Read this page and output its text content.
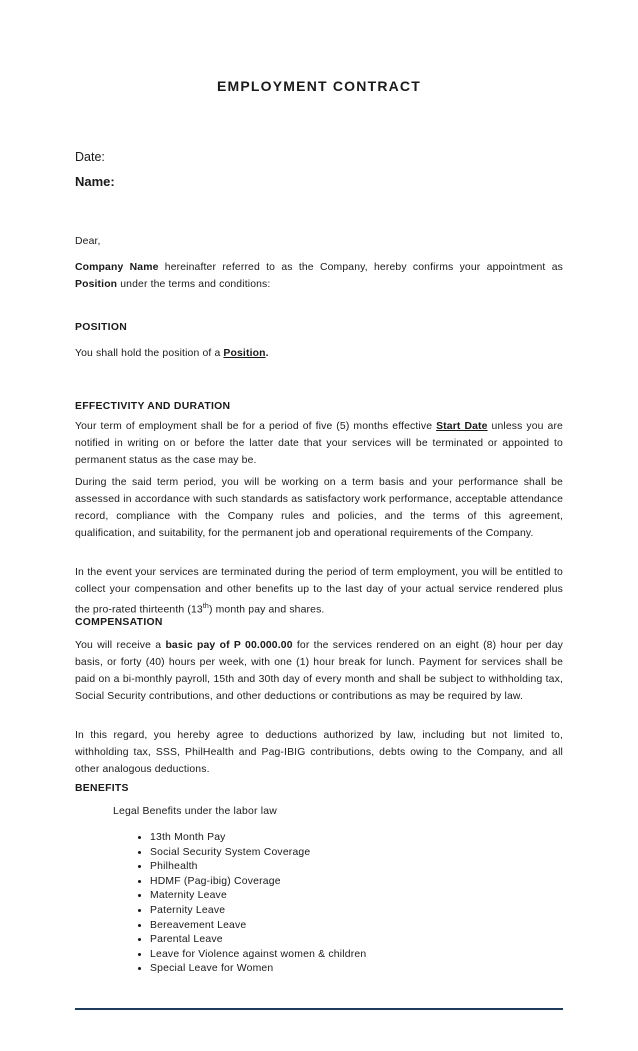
EMPLOYMENT CONTRACT
Date:
Name:
Dear,
Company Name hereinafter referred to as the Company, hereby confirms your appointment as Position under the terms and conditions:
POSITION
You shall hold the position of a Position.
EFFECTIVITY AND DURATION
Your term of employment shall be for a period of five (5) months effective Start Date unless you are notified in writing on or before the latter date that your services will be terminated or appointed to permanent status as the case may be.
During the said term period, you will be working on a term basis and your performance shall be assessed in accordance with such standards as satisfactory work performance, acceptable attendance record, compliance with the Company rules and policies, and the terms of this agreement, qualification, and suitability, for the permanent job and operational requirements of the Company.
In the event your services are terminated during the period of term employment, you will be entitled to collect your compensation and other benefits up to the last day of your actual service rendered plus the pro-rated thirteenth (13th) month pay and shares.
COMPENSATION
You will receive a basic pay of P 00.000.00 for the services rendered on an eight (8) hour per day basis, or forty (40) hours per week, with one (1) hour break for lunch. Payment for services shall be paid on a bi-monthly payroll, 15th and 30th day of every month and shall be subject to withholding tax, Social Security contributions, and other deductions or contributions as may be required by law.
In this regard, you hereby agree to deductions authorized by law, including but not limited to, withholding tax, SSS, PhilHealth and Pag-IBIG contributions, debts owing to the Company, and all other analogous deductions.
BENEFITS
Legal Benefits under the labor law
• 13th Month Pay
• Social Security System Coverage
• Philhealth
• HDMF (Pag-ibig) Coverage
• Maternity Leave
• Paternity Leave
• Bereavement Leave
• Parental Leave
• Leave for Violence against women & children
• Special Leave for Women
